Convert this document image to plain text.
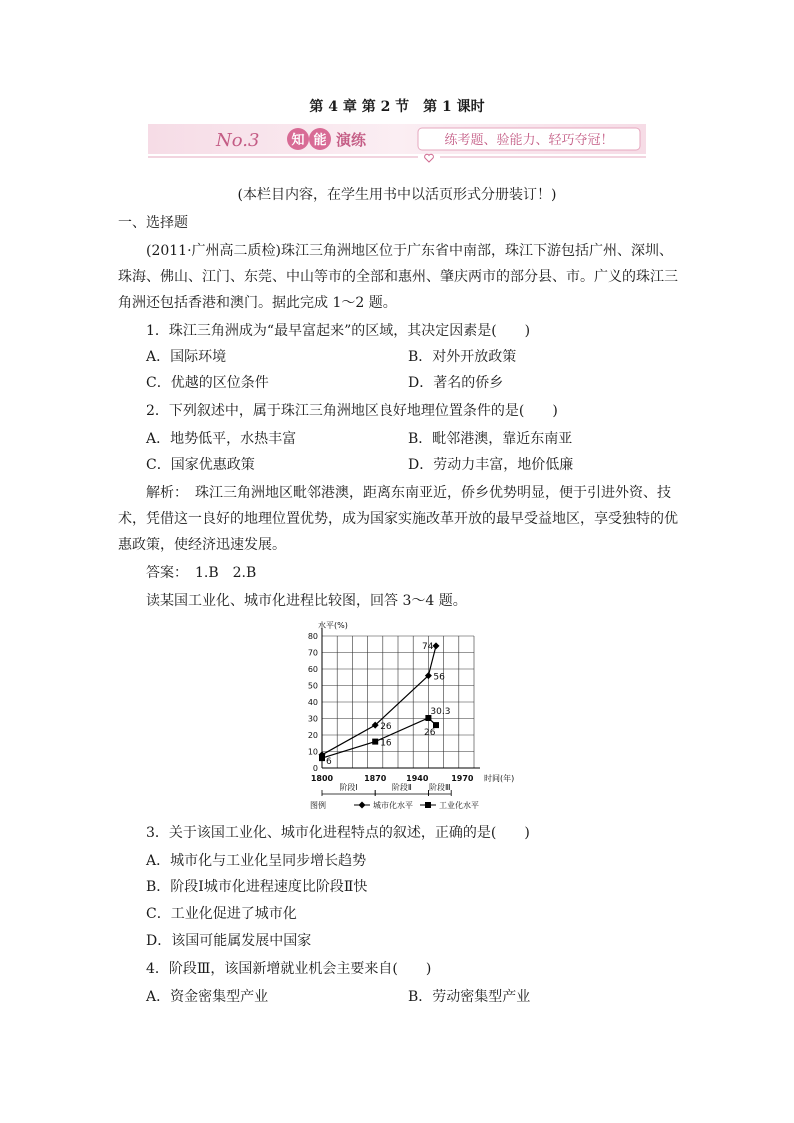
第 4 章 第 2 节　第 1 课时
No.3 知 能 演练	练考题、验能力、轻巧夺冠！
(本栏目内容，在学生用书中以活页形式分册装订！)
一、选择题
(2011·广州高二质检)珠江三角洲地区位于广东省中南部，珠江下游包括广州、深圳、
珠海、佛山、江门、东莞、中山等市的全部和惠州、肇庆两市的部分县、市。广义的珠江三
角洲还包括香港和澳门。据此完成 1～2 题。
1．珠江三角洲成为“最早富起来”的区域，其决定因素是(　　)
A．国际环境	B．对外开放政策
C．优越的区位条件	D．著名的侨乡
2．下列叙述中，属于珠江三角洲地区良好地理位置条件的是(　　)
A．地势低平，水热丰富	B．毗邻港澳，靠近东南亚
C．国家优惠政策	D．劳动力丰富，地价低廉
解析：　珠江三角洲地区毗邻港澳，距离东南亚近，侨乡优势明显，便于引进外资、技
术，凭借这一良好的地理位置优势，成为国家实施改革开放的最早受益地区，享受独特的优
惠政策，使经济迅速发展。
答案：　1.B　2.B
读某国工业化、城市化进程比较图，回答 3～4 题。
水平(%)
时间(年)
0
10
20
30
40
50
60
70
80
1800	1870 1940	1970
阶段Ⅰ	阶段Ⅱ 阶段Ⅲ
26
56
74
6
16
30.3
26
图例	城市化水平	工业化水平
3．关于该国工业化、城市化进程特点的叙述，正确的是(　　)
A．城市化与工业化呈同步增长趋势
B．阶段Ⅰ城市化进程速度比阶段Ⅱ快
C．工业化促进了城市化
D．该国可能属发展中国家
4．阶段Ⅲ，该国新增就业机会主要来自(　　)
A．资金密集型产业	B．劳动密集型产业
